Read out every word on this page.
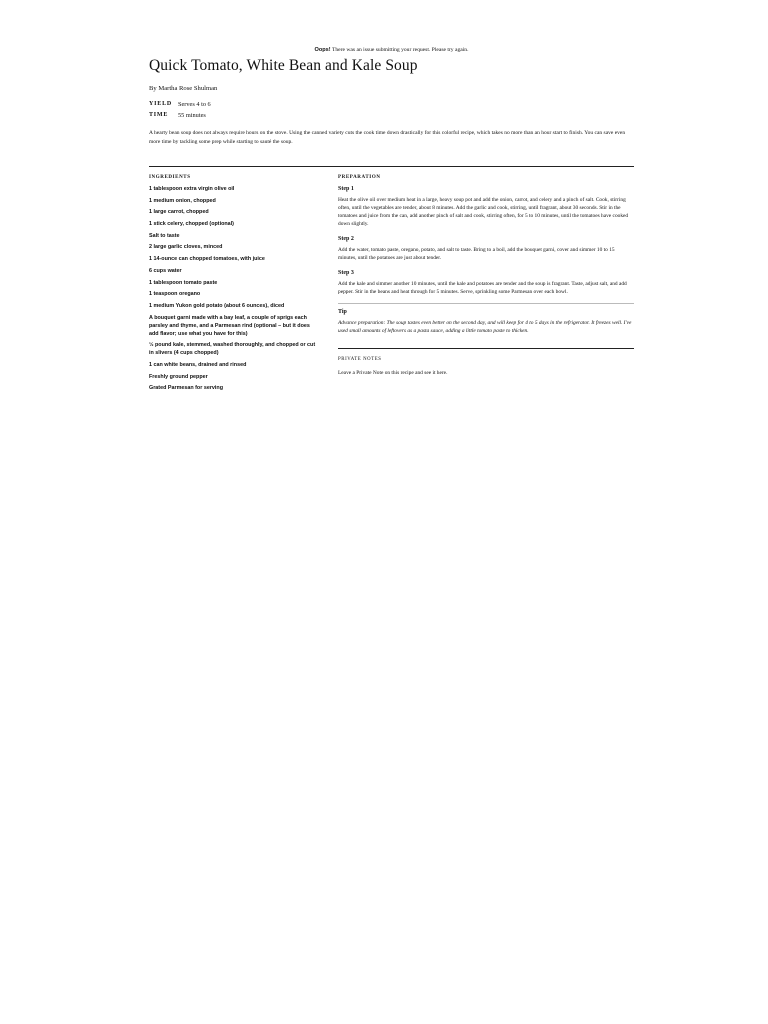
Oops! There was an issue submitting your request. Please try again.
Quick Tomato, White Bean and Kale Soup
By Martha Rose Shulman
YIELD Serves 4 to 6
TIME	55 minutes

A hearty bean soup does not always require hours on the stove. Using the canned variety cuts the cook time down drastically for this colorful recipe, which takes no more than an hour start to finish. You can save even more time by tackling some prep while starting to sauté the soup.

INGREDIENTS
1 tablespoon extra virgin olive oil
1 medium onion, chopped
1 large carrot, chopped
1 stick celery, chopped (optional)
Salt to taste
2 large garlic cloves, minced
1 14-ounce can chopped tomatoes, with juice
6 cups water
1 tablespoon tomato paste
1 teaspoon oregano
1 medium Yukon gold potato (about 6 ounces), diced
A bouquet garni made with a bay leaf, a couple of sprigs each parsley and thyme, and a Parmesan rind (optional – but it does add flavor; use what you have for this)
½ pound kale, stemmed, washed thoroughly, and chopped or cut in slivers (4 cups chopped)
1 can white beans, drained and rinsed
Freshly ground pepper
Grated Parmesan for serving
PREPARATION
Step 1
Heat the olive oil over medium heat in a large, heavy soup pot and add the onion, carrot, and celery and a pinch of salt. Cook, stirring often, until the vegetables are tender, about 8 minutes. Add the garlic and cook, stirring, until fragrant, about 30 seconds. Stir in the tomatoes and juice from the can, add another pinch of salt and cook, stirring often, for 5 to 10 minutes, until the tomatoes have cooked down slightly.
Step 2
Add the water, tomato paste, oregano, potato, and salt to taste. Bring to a boil, add the bouquet garni, cover and simmer 10 to 15 minutes, until the potatoes are just about tender.
Step 3
Add the kale and simmer another 10 minutes, until the kale and potatoes are tender and the soup is fragrant. Taste, adjust salt, and add pepper. Stir in the beans and heat through for 5 minutes. Serve, sprinkling some Parmesan over each bowl.
Tip
Advance preparation: The soup tastes even better on the second day, and will keep for 4 to 5 days in the refrigerator. It freezes well. I've used small amounts of leftovers as a pasta sauce, adding a little tomato paste to thicken.
PRIVATE NOTES
Leave a Private Note on this recipe and see it here.
